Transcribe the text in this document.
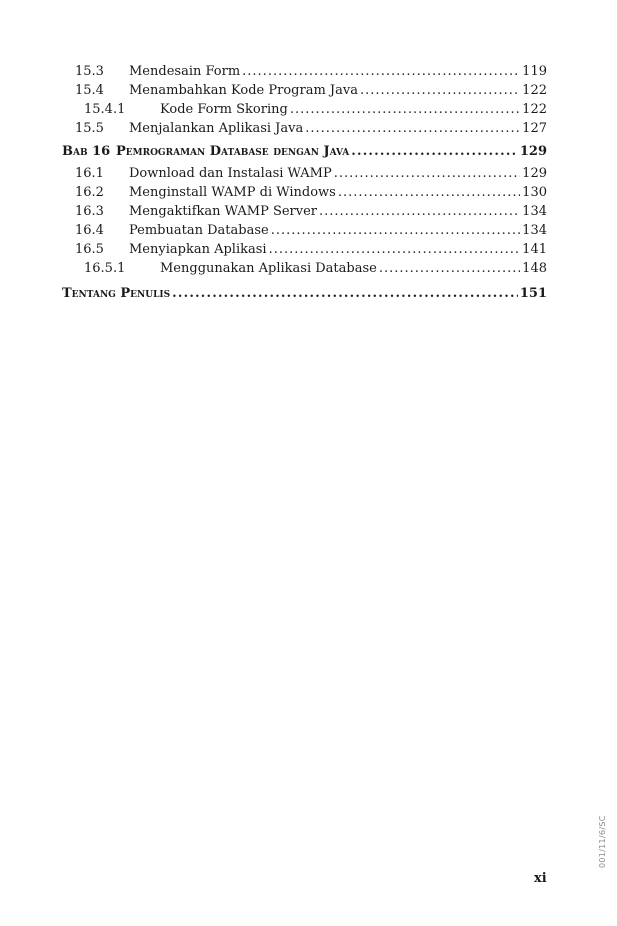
15.3	Mendesain Form .....	119
15.4	Menambahkan Kode Program Java .....	122
15.4.1	Kode Form Skoring .....	122
15.5	Menjalankan Aplikasi Java .....	127
Bab 16 Pemrograman Database dengan Java .....	129
16.1	Download dan Instalasi WAMP .....	129
16.2	Menginstall WAMP di Windows .....	130
16.3	Mengaktifkan WAMP Server .....	134
16.4	Pembuatan Database .....	134
16.5	Menyiapkan Aplikasi .....	141
16.5.1	Menggunakan Aplikasi Database .....	148
Tentang Penulis .....	151
xi
001/11/6/SC
